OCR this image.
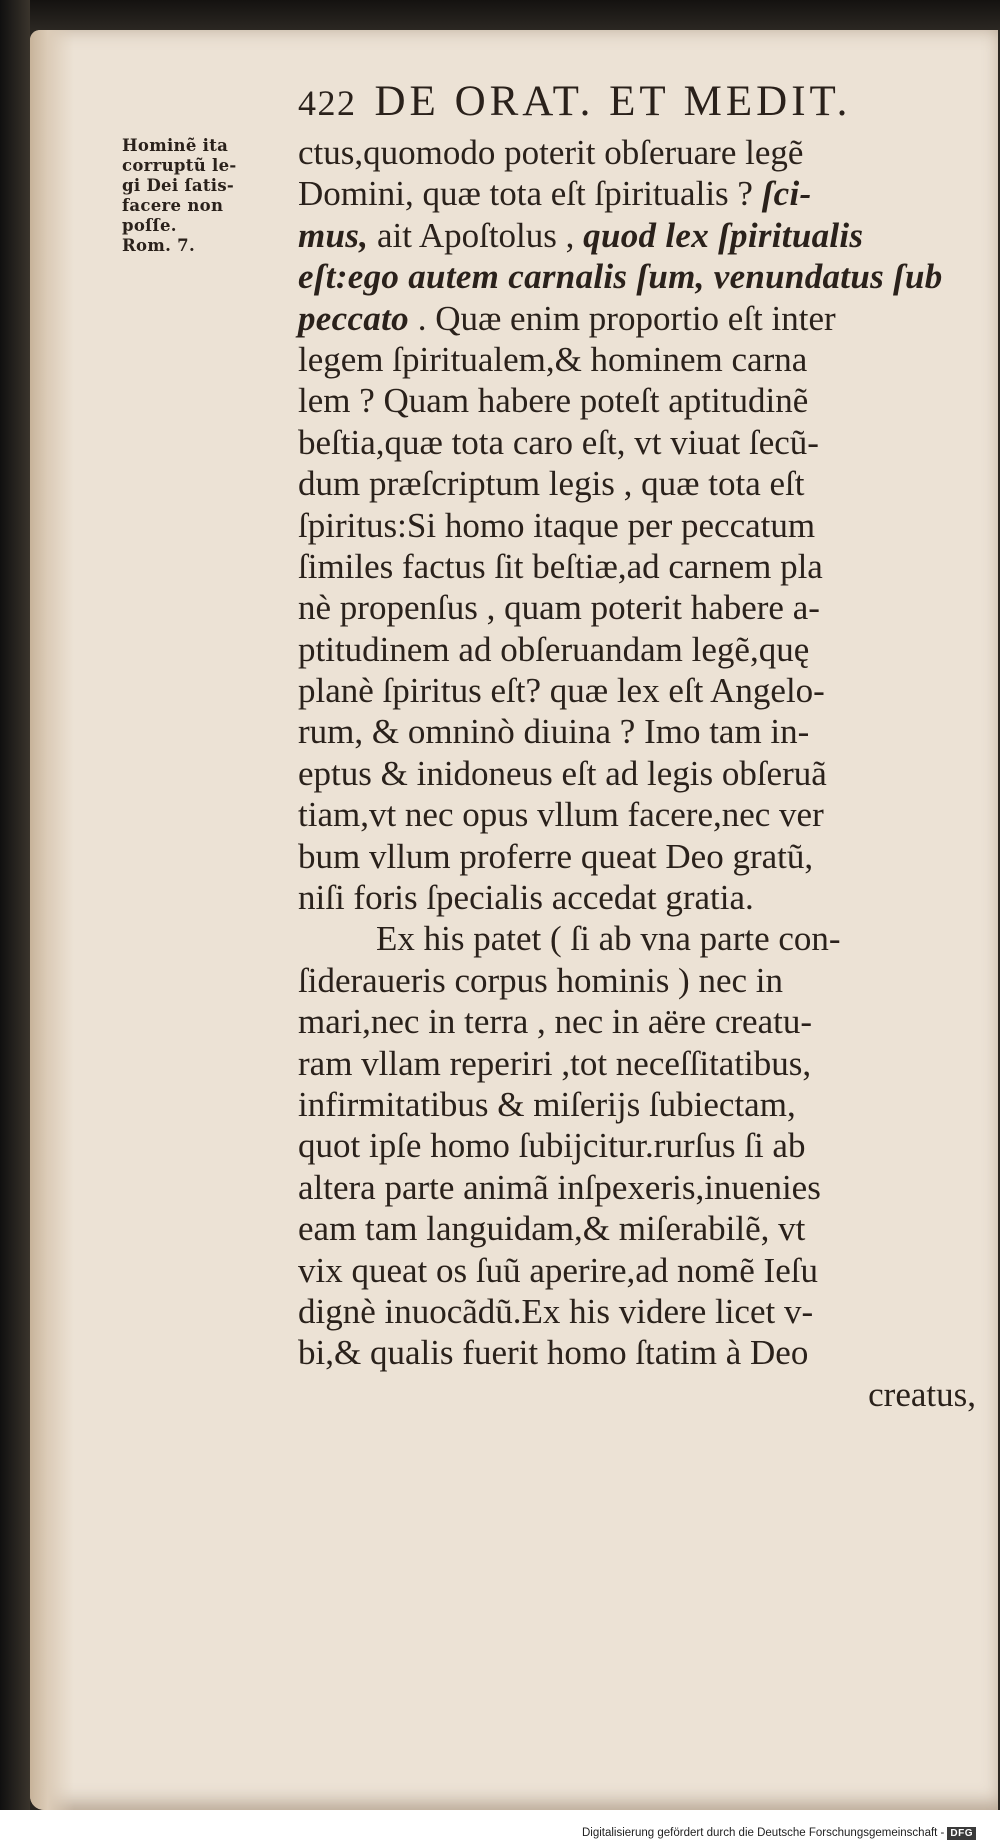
422 DE ORAT. ET MEDIT.
Hominẽ ita
corruptũ le-
gi Dei ſatis-
facere non
poſſe.
Rom. 7.
ctus,quomodo poterit obſeruare legẽ
Domini, quæ tota eſt ſpiritualis ? ſci-
mus, ait Apoſtolus , quod lex ſpiritualis
eſt:ego autem carnalis ſum, venundatus ſub
peccato . Quæ enim proportio eſt inter
legem ſpiritualem,& hominem carna
lem ? Quam habere poteſt aptitudinẽ
beſtia,quæ tota caro eſt, vt viuat ſecũ-
dum præſcriptum legis , quæ tota eſt
ſpiritus:Si homo itaque per peccatum
ſimiles factus ſit beſtiæ,ad carnem pla
nè propenſus , quam poterit habere a-
ptitudinem ad obſeruandam legẽ,quę
planè ſpiritus eſt? quæ lex eſt Angelo-
rum, & omninò diuina ? Imo tam in-
eptus & inidoneus eſt ad legis obſeruã
tiam,vt nec opus vllum facere,nec ver
bum vllum proferre queat Deo gratũ,
niſi foris ſpecialis accedat gratia.
Ex his patet ( ſi ab vna parte con-
ſideraueris corpus hominis ) nec in
mari,nec in terra , nec in aëre creatu-
ram vllam reperiri ,tot neceſſitatibus,
infirmitatibus & miſerijs ſubiectam,
quot ipſe homo ſubijcitur.rurſus ſi ab
altera parte animã inſpexeris,inuenies
eam tam languidam,& miſerabilẽ, vt
vix queat os ſuũ aperire,ad nomẽ Ieſu
dignè inuocãdũ.Ex his videre licet v-
bi,& qualis fuerit homo ſtatim à Deo
creatus,
Digitalisierung gefördert durch die Deutsche Forschungsgemeinschaft - DFG
